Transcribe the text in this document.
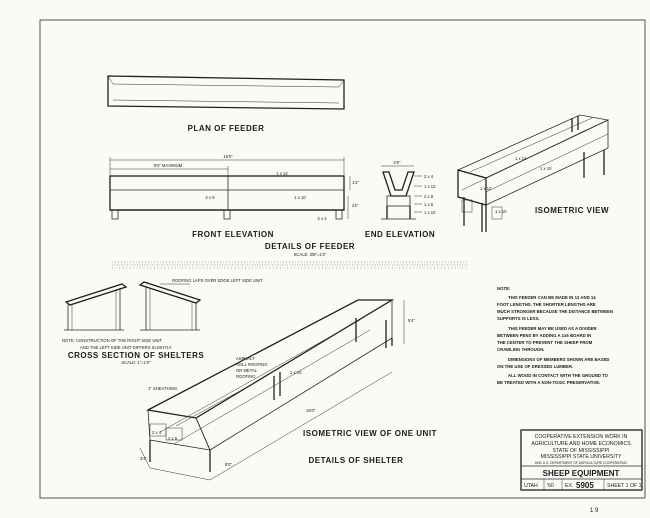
PLAN OF FEEDER
16'0"
8'0" MAXIMUM
1 x 12
2 x 8	1 x 10
2 x 4
1'2"
24"
FRONT ELEVATION
2'6"
2 x 4
1 x 12
2 x 8
1 x 6
1 x 10
END ELEVATION
1 x 12
1 x 10
1 x 12
1 x 10	ISOMETRIC VIEW
DETAILS OF FEEDER
SCALE: 3/8"=1'0"
ROOFING LAPS OVER EDGE LEFT SIDE UNIT
NOTE: CONSTRUCTION OF THE RIGHT SIDE UNIT
AND THE LEFT SIDE UNIT DIFFERS SLIGHTLY
CROSS SECTION OF SHELTERS
SCALE: 1"=1'0"
ASPHALT
ROLL ROOFING
OR METAL
ROOFING
1" SHEATHING
1 x 10
2 x 4
2 x 6
16'0"
8'0"
5'4"
3'4"
ISOMETRIC VIEW OF ONE UNIT
DETAILS OF SHELTER
NOTE:
THIS FEEDER CAN BE MADE IN 12 AND 14
FOOT LENGTHS. THE SHORTER LENGTHS ARE
MUCH STRONGER BECAUSE THE DISTANCE BETWEEN
SUPPORTS IS LESS.
THIS FEEDER MAY BE USED AS A DIVIDER
BETWEEN PENS BY ADDING A 1x6 BOARD IN
THE CENTER TO PREVENT THE SHEEP FROM
CRAWLING THROUGH.
DIMENSIONS OF MEMBERS SHOWN ARE BASED
ON THE USE OF DRESSED LUMBER.
ALL WOOD IN CONTACT WITH THE GROUND TO
BE TREATED WITH A NON-TOXIC PRESERVATIVE.
COOPERATIVE EXTENSION WORK IN
AGRICULTURE AND HOME ECONOMICS
STATE OF MISSISSIPPI
MISSISSIPPI STATE UNIVERSITY
AND U.S. DEPARTMENT OF AGRICULTURE COOPERATING
SHEEP EQUIPMENT
UTAH '60 EX. 5905	SHEET 1 OF 1
1 9
